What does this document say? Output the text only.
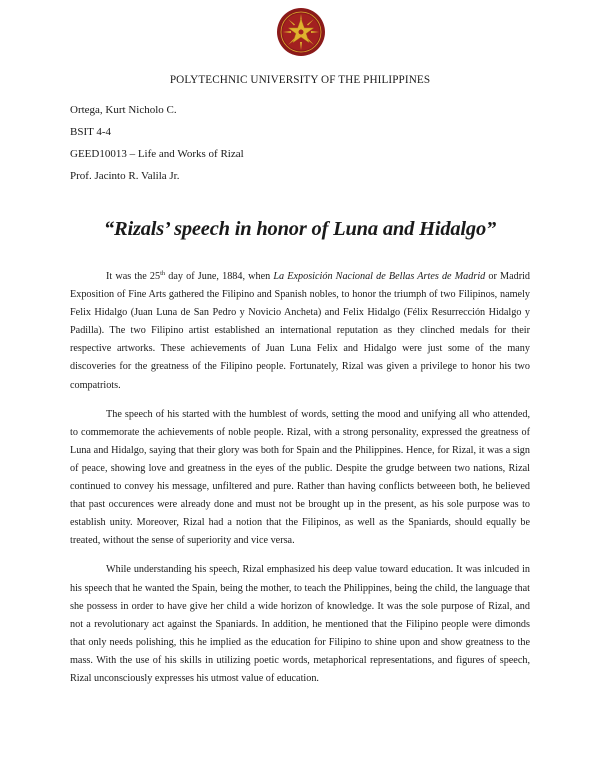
POLYTECHNIC UNIVERSITY OF THE PHILIPPINES
Ortega, Kurt Nicholo C.
BSIT 4-4
GEED10013 – Life and Works of Rizal
Prof. Jacinto R. Valila Jr.
“Rizals’ speech in honor of Luna and Hidalgo”

It was the 25th day of June, 1884, when La Exposición Nacional de Bellas Artes de Madrid or Madrid Exposition of Fine Arts gathered the Filipino and Spanish nobles, to honor the triumph of two Filipinos, namely Felix Hidalgo (Juan Luna de San Pedro y Novicio Ancheta) and Felix Hidalgo (Félix Resurrección Hidalgo y Padilla). The two Filipino artist established an international reputation as they clinched medals for their respective artworks. These achievements of Juan Luna Felix and Hidalgo were just some of the many discoveries for the greatness of the Filipino people. Fortunately, Rizal was given a privilege to honor his two compatriots.

The speech of his started with the humblest of words, setting the mood and unifying all who attended, to commemorate the achievements of noble people. Rizal, with a strong personality, expressed the greatness of Luna and Hidalgo, saying that their glory was both for Spain and the Philippines. Hence, for Rizal, it was a sign of peace, showing love and greatness in the eyes of the public. Despite the grudge between two nations, Rizal continued to convey his message, unfiltered and pure. Rather than having conflicts betweeen both, he believed that past occurences were already done and must not be brought up in the present, as his sole purpose was to establish unity. Moreover, Rizal had a notion that the Filipinos, as well as the Spaniards, should equally be treated, without the sense of superiority and vice versa.

While understanding his speech, Rizal emphasized his deep value toward education. It was inlcuded in his speech that he wanted the Spain, being the mother, to teach the Philippines, being the child, the language that she possess in order to have give her child a wide horizon of knowledge. It was the sole purpose of Rizal, and not a revolutionary act against the Spaniards. In addition, he mentioned that the Filipino people were dimonds that only needs polishing, this he implied as the education for Filipino to shine upon and show greatness to the mass. With the use of his skills in utilizing poetic words, metaphorical representations, and figures of speech, Rizal unconsciously expresses his utmost value of education.
